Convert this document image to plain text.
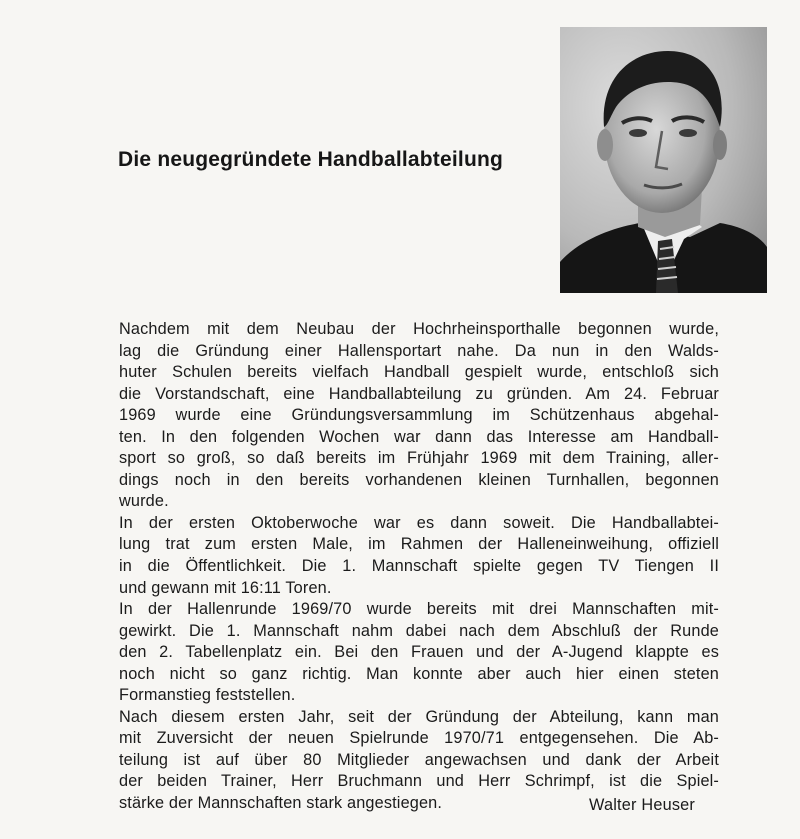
Die neugegründete Handballabteilung
Nachdem mit dem Neubau der Hochrheinsporthalle begonnen wurde,
lag die Gründung einer Hallensportart nahe. Da nun in den Walds-
huter Schulen bereits vielfach Handball gespielt wurde, entschloß sich
die Vorstandschaft, eine Handballabteilung zu gründen. Am 24. Februar
1969 wurde eine Gründungsversammlung im Schützenhaus abgehal-
ten. In den folgenden Wochen war dann das Interesse am Handball-
sport so groß, so daß bereits im Frühjahr 1969 mit dem Training, aller-
dings noch in den bereits vorhandenen kleinen Turnhallen, begonnen
wurde.
In der ersten Oktoberwoche war es dann soweit. Die Handballabtei-
lung trat zum ersten Male, im Rahmen der Halleneinweihung, offiziell
in die Öffentlichkeit. Die 1. Mannschaft spielte gegen TV Tiengen II
und gewann mit 16:11 Toren.
In der Hallenrunde 1969/70 wurde bereits mit drei Mannschaften mit-
gewirkt. Die 1. Mannschaft nahm dabei nach dem Abschluß der Runde
den 2. Tabellenplatz ein. Bei den Frauen und der A-Jugend klappte es
noch nicht so ganz richtig. Man konnte aber auch hier einen steten
Formanstieg feststellen.
Nach diesem ersten Jahr, seit der Gründung der Abteilung, kann man
mit Zuversicht der neuen Spielrunde 1970/71 entgegensehen. Die Ab-
teilung ist auf über 80 Mitglieder angewachsen und dank der Arbeit
der beiden Trainer, Herr Bruchmann und Herr Schrimpf, ist die Spiel-
stärke der Mannschaften stark angestiegen.	Walter Heuser
